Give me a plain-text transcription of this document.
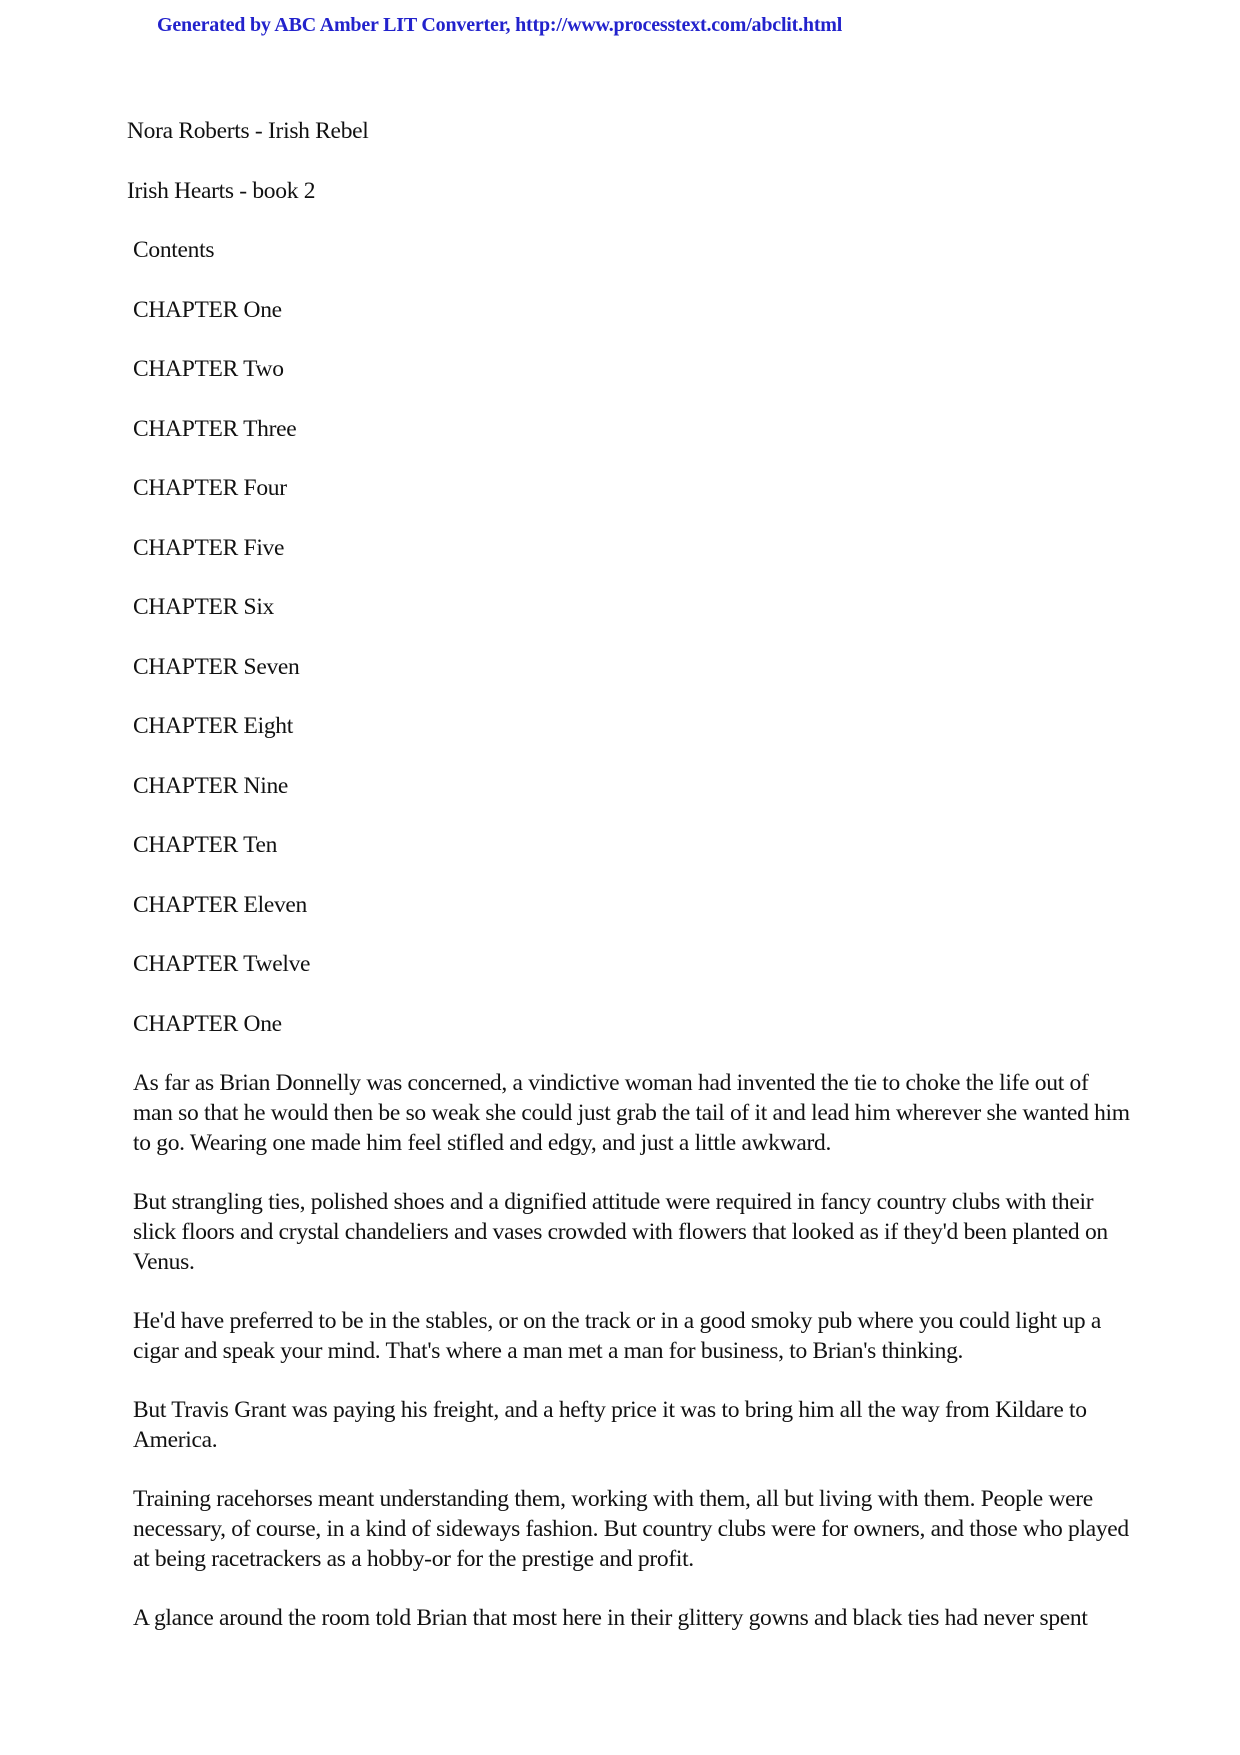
Generated by ABC Amber LIT Converter, http://www.processtext.com/abclit.html
Nora Roberts - Irish Rebel
Irish Hearts - book 2
Contents
CHAPTER One
CHAPTER Two
CHAPTER Three
CHAPTER Four
CHAPTER Five
CHAPTER Six
CHAPTER Seven
CHAPTER Eight
CHAPTER Nine
CHAPTER Ten
CHAPTER Eleven
CHAPTER Twelve
CHAPTER One

As far as Brian Donnelly was concerned, a vindictive woman had invented the tie to choke the life out of man so that he would then be so weak she could just grab the tail of it and lead him wherever she wanted him to go. Wearing one made him feel stifled and edgy, and just a little awkward.

But strangling ties, polished shoes and a dignified attitude were required in fancy country clubs with their slick floors and crystal chandeliers and vases crowded with flowers that looked as if they'd been planted on Venus.

He'd have preferred to be in the stables, or on the track or in a good smoky pub where you could light up a cigar and speak your mind. That's where a man met a man for business, to Brian's thinking.

But Travis Grant was paying his freight, and a hefty price it was to bring him all the way from Kildare to America.

Training racehorses meant understanding them, working with them, all but living with them. People were necessary, of course, in a kind of sideways fashion. But country clubs were for owners, and those who played at being racetrackers as a hobby-or for the prestige and profit.

A glance around the room told Brian that most here in their glittery gowns and black ties had never spent
